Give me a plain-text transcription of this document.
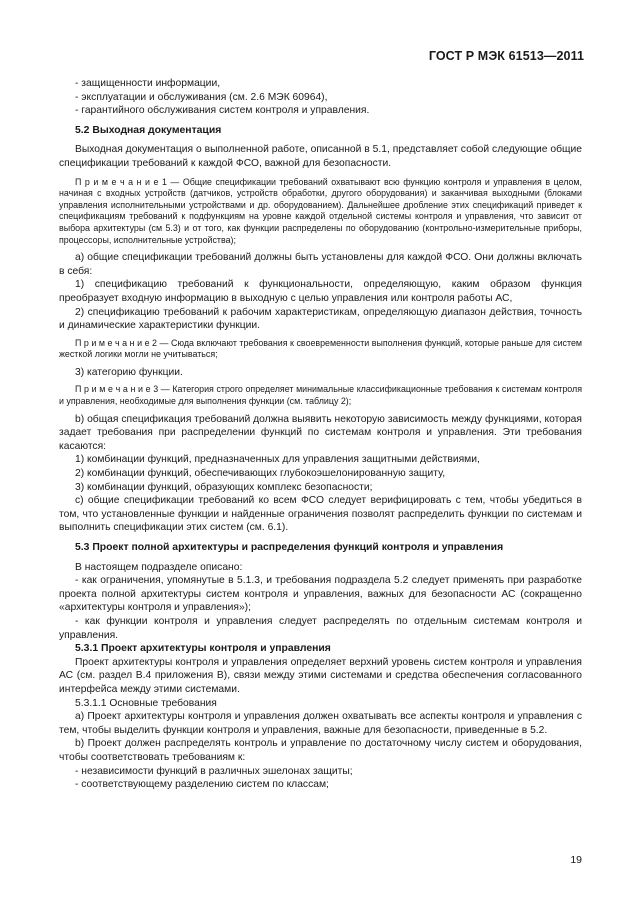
ГОСТ Р МЭК 61513—2011

- защищенности информации,

- эксплуатации и обслуживания (см. 2.6 МЭК 60964),

- гарантийного обслуживания систем контроля и управления.

5.2 Выходная документация

Выходная документация о выполненной работе, описанной в 5.1, представляет собой следующие общие спецификации требований к каждой ФСО, важной для безопасности.

П р и м е ч а н и е 1 — Общие спецификации требований охватывают всю функцию контроля и управления в целом, начиная с входных устройств (датчиков, устройств обработки, другого оборудования) и заканчивая выходными (блоками управления исполнительными устройствами и др. оборудованием). Дальнейшее дробление этих спецификаций приведет к спецификациям требований к подфункциям на уровне каждой отдельной системы контроля и управления, что зависит от выбора архитектуры (см 5.3) и от того, как функции распределены по оборудованию (контрольно-измерительные приборы, процессоры, исполнительные устройства);

a) общие спецификации требований должны быть установлены для каждой ФСО. Они должны включать в себя:

1) спецификацию требований к функциональности, определяющую, каким образом функция преобразует входную информацию в выходную с целью управления или контроля работы АС,

2) спецификацию требований к рабочим характеристикам, определяющую диапазон действия, точность и динамические характеристики функции.

П р и м е ч а н и е 2 — Сюда включают требования к своевременности выполнения функций, которые раньше для систем жесткой логики могли не учитываться;

3) категорию функции.

П р и м е ч а н и е 3 — Категория строго определяет минимальные классификационные требования к системам контроля и управления, необходимые для выполнения функции (см. таблицу 2);

b) общая спецификация требований должна выявить некоторую зависимость между функциями, которая задает требования при распределении функций по системам контроля и управления. Эти требования касаются:

1) комбинации функций, предназначенных для управления защитными действиями,

2) комбинации функций, обеспечивающих глубокоэшелонированную защиту,

3) комбинации функций, образующих комплекс безопасности;

c) общие спецификации требований ко всем ФСО следует верифицировать с тем, чтобы убедиться в том, что установленные функции и найденные ограничения позволят распределить функции по системам и выполнить спецификации этих систем (см. 6.1).

5.3 Проект полной архитектуры и распределения функций контроля и управления

В настоящем подразделе описано:

- как ограничения, упомянутые в 5.1.3, и требования подраздела 5.2 следует применять при разработке проекта полной архитектуры систем контроля и управления, важных для безопасности АС (сокращенно «архитектуры контроля и управления»);

- как функции контроля и управления следует распределять по отдельным системам контроля и управления.

5.3.1 Проект архитектуры контроля и управления

Проект архитектуры контроля и управления определяет верхний уровень систем контроля и управления АС (см. раздел В.4 приложения В), связи между этими системами и средства обеспечения согласованного интерфейса между этими системами.

5.3.1.1 Основные требования

a) Проект архитектуры контроля и управления должен охватывать все аспекты контроля и управления с тем, чтобы выделить функции контроля и управления, важные для безопасности, приведенные в 5.2.

b) Проект должен распределять контроль и управление по достаточному числу систем и оборудования, чтобы соответствовать требованиям к:

- независимости функций в различных эшелонах защиты;

- соответствующему разделению систем по классам;

19
